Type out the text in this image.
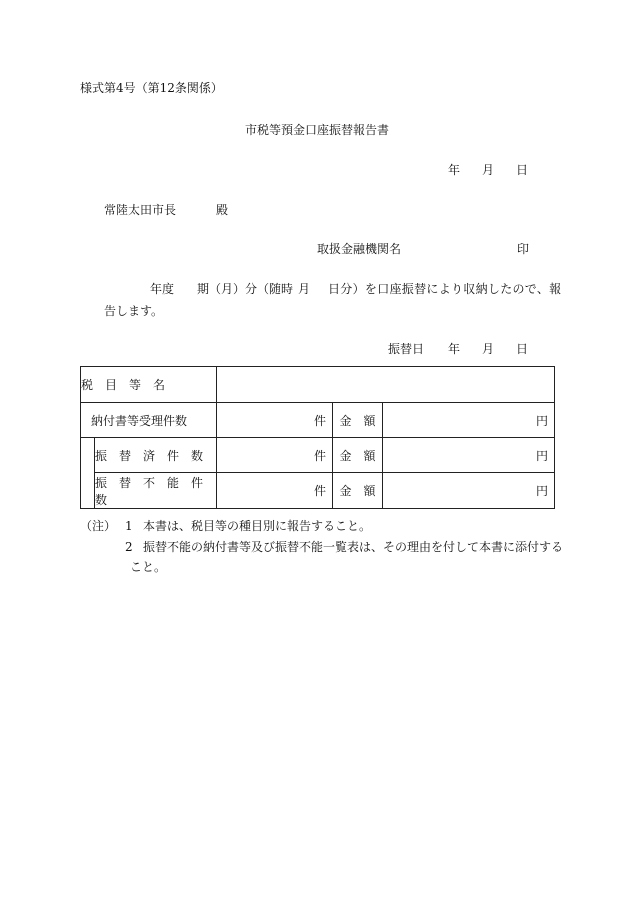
様式第4号（第12条関係）
市税等預金口座振替報告書
年 月 日
常陸太田市長	殿
取扱金融機関名	印
年度 期（月）分（随時 月 日分）を口座振替により収納したので、報
告します。
振替日 年 月 日
税　目　等　名				
納付書等受理件数		件	金　額	円
	振　替　済　件　数	件	金　額	円
	振　替　不　能　件　数	件	金　額	円
（注） 1 本書は、税目等の種目別に報告すること。
2 振替不能の納付書等及び振替不能一覧表は、その理由を付して本書に添付する
こと。
